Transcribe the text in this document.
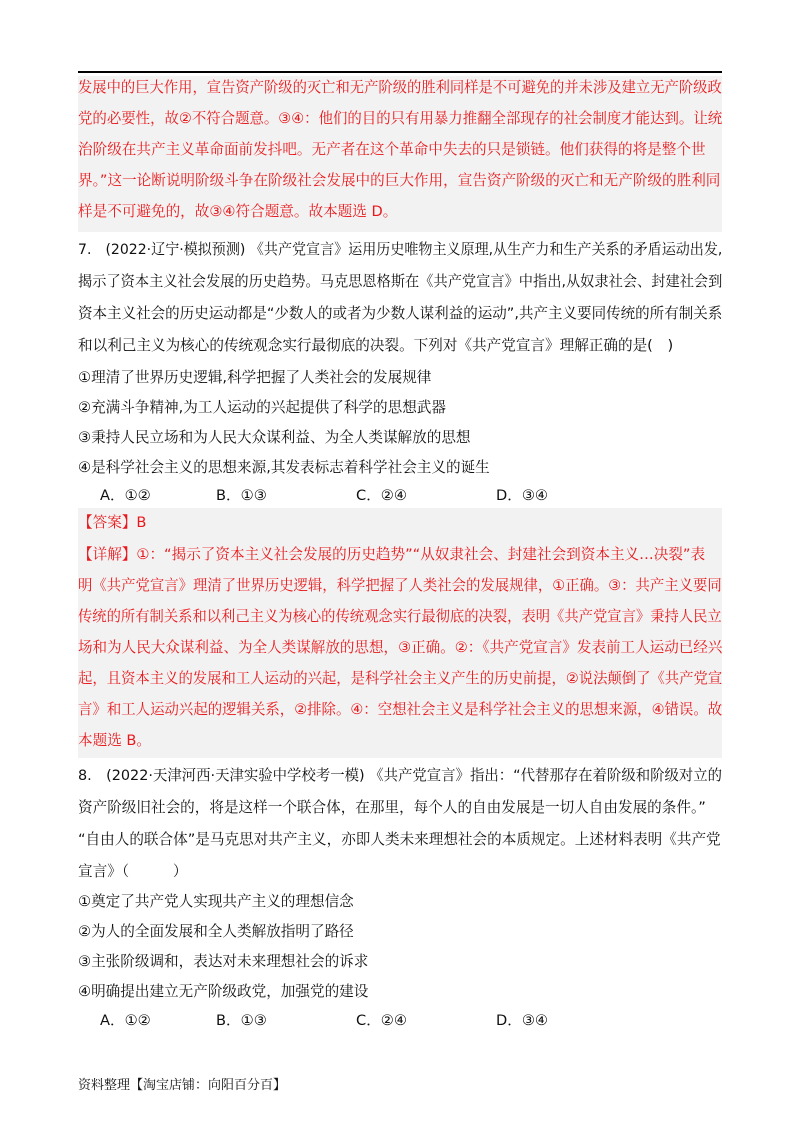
发展中的巨大作用，宣告资产阶级的灭亡和无产阶级的胜利同样是不可避免的并未涉及建立无产阶级政
党的必要性，故②不符合题意。③④：他们的目的只有用暴力推翻全部现存的社会制度才能达到。让统
治阶级在共产主义革命面前发抖吧。无产者在这个革命中失去的只是锁链。他们获得的将是整个世
界。”这一论断说明阶级斗争在阶级社会发展中的巨大作用，宣告资产阶级的灭亡和无产阶级的胜利同
样是不可避免的，故③④符合题意。故本题选 D。
7.　(2022·辽宁·模拟预测) 《共产党宣言》运用历史唯物主义原理,从生产力和生产关系的矛盾运动出发,
揭示了资本主义社会发展的历史趋势。马克思恩格斯在《共产党宣言》中指出,从奴隶社会、封建社会到
资本主义社会的历史运动都是“少数人的或者为少数人谋利益的运动”,共产主义要同传统的所有制关系
和以利己主义为核心的传统观念实行最彻底的决裂。下列对《共产党宣言》理解正确的是(　)
①理清了世界历史逻辑,科学把握了人类社会的发展规律
②充满斗争精神,为工人运动的兴起提供了科学的思想武器
③秉持人民立场和为人民大众谋利益、为全人类谋解放的思想
④是科学社会主义的思想来源,其发表标志着科学社会主义的诞生
A．①②	B．①③	C．②④	D．③④
【答案】B
【详解】①：“揭示了资本主义社会发展的历史趋势”“从奴隶社会、封建社会到资本主义…决裂”表
明《共产党宣言》理清了世界历史逻辑，科学把握了人类社会的发展规律，①正确。③：共产主义要同
传统的所有制关系和以利己主义为核心的传统观念实行最彻底的决裂，表明《共产党宣言》秉持人民立
场和为人民大众谋利益、为全人类谋解放的思想，③正确。②：《共产党宣言》发表前工人运动已经兴
起，且资本主义的发展和工人运动的兴起，是科学社会主义产生的历史前提，②说法颠倒了《共产党宣
言》和工人运动兴起的逻辑关系，②排除。④：空想社会主义是科学社会主义的思想来源，④错误。故
本题选 B。
8.　(2022·天津河西·天津实验中学校考一模) 《共产党宣言》指出：“代替那存在着阶级和阶级对立的
资产阶级旧社会的，将是这样一个联合体，在那里，每个人的自由发展是一切人自由发展的条件。”
“自由人的联合体”是马克思对共产主义，亦即人类未来理想社会的本质规定。上述材料表明《共产党
宣言》（　　　）
①奠定了共产党人实现共产主义的理想信念
②为人的全面发展和全人类解放指明了路径
③主张阶级调和，表达对未来理想社会的诉求
④明确提出建立无产阶级政党，加强党的建设
A．①②	B．①③	C．②④	D．③④
资料整理【淘宝店铺：向阳百分百】
